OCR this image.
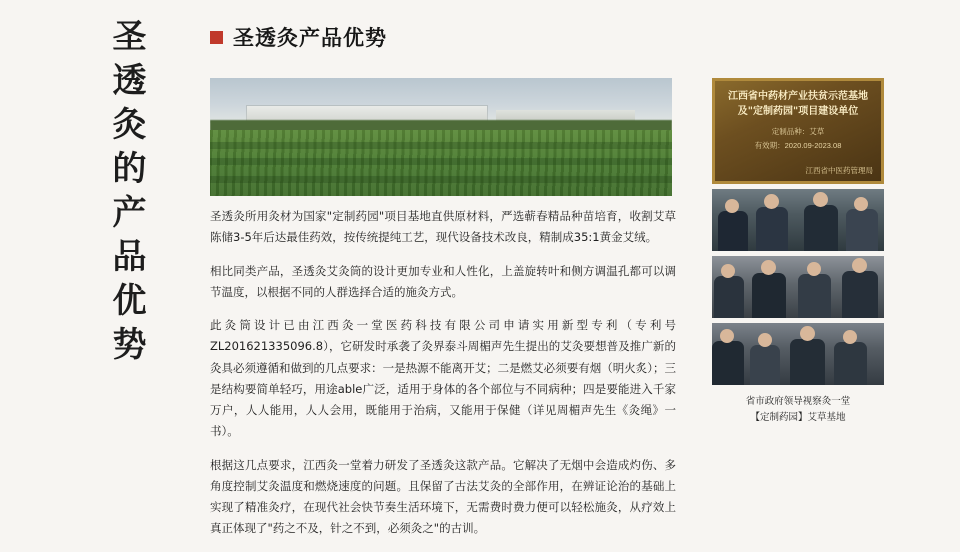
圣透灸的产品优势	圣透灸产品优势

圣透灸所用灸材为国家"定制药园"项目基地直供原材料，严选蕲春精品种苗培育，收割艾草陈储3-5年后达最佳药效，按传统提纯工艺，现代设备技术改良，精制成35:1黄金艾绒。

相比同类产品，圣透灸艾灸筒的设计更加专业和人性化，上盖旋转叶和侧方调温孔都可以调节温度，以根据不同的人群选择合适的施灸方式。

此灸筒设计已由江西灸一堂医药科技有限公司申请实用新型专利（专利号ZL201621335096.8），它研发时承袭了灸界泰斗周楣声先生提出的艾灸要想普及推广新的灸具必须遵循和做到的几点要求：一是热源不能离开艾；二是燃艾必须要有烟（明火炙）；三是结构要简单轻巧，用途able广泛，适用于身体的各个部位与不同病种；四是要能进入千家万户，人人能用，人人会用，既能用于治病，又能用于保健（详见周楣声先生《灸绳》一书）。

根据这几点要求，江西灸一堂着力研发了圣透灸这款产品。它解决了无烟中会造成灼伤、多角度控制艾灸温度和燃烧速度的问题。且保留了古法艾灸的全部作用，在辨证论治的基础上实现了精准灸疗，在现代社会快节奏生活环境下，无需费时费力便可以轻松施灸，从疗效上真正体现了"药之不及，针之不到，必须灸之"的古训。

江西省中药材产业扶贫示范基地及"定制药园"项目建设单位
定制品种：艾草
有效期：2020.09-2023.08
江西省中医药管理局
省市政府领导视察灸一堂
【定制药园】艾草基地
